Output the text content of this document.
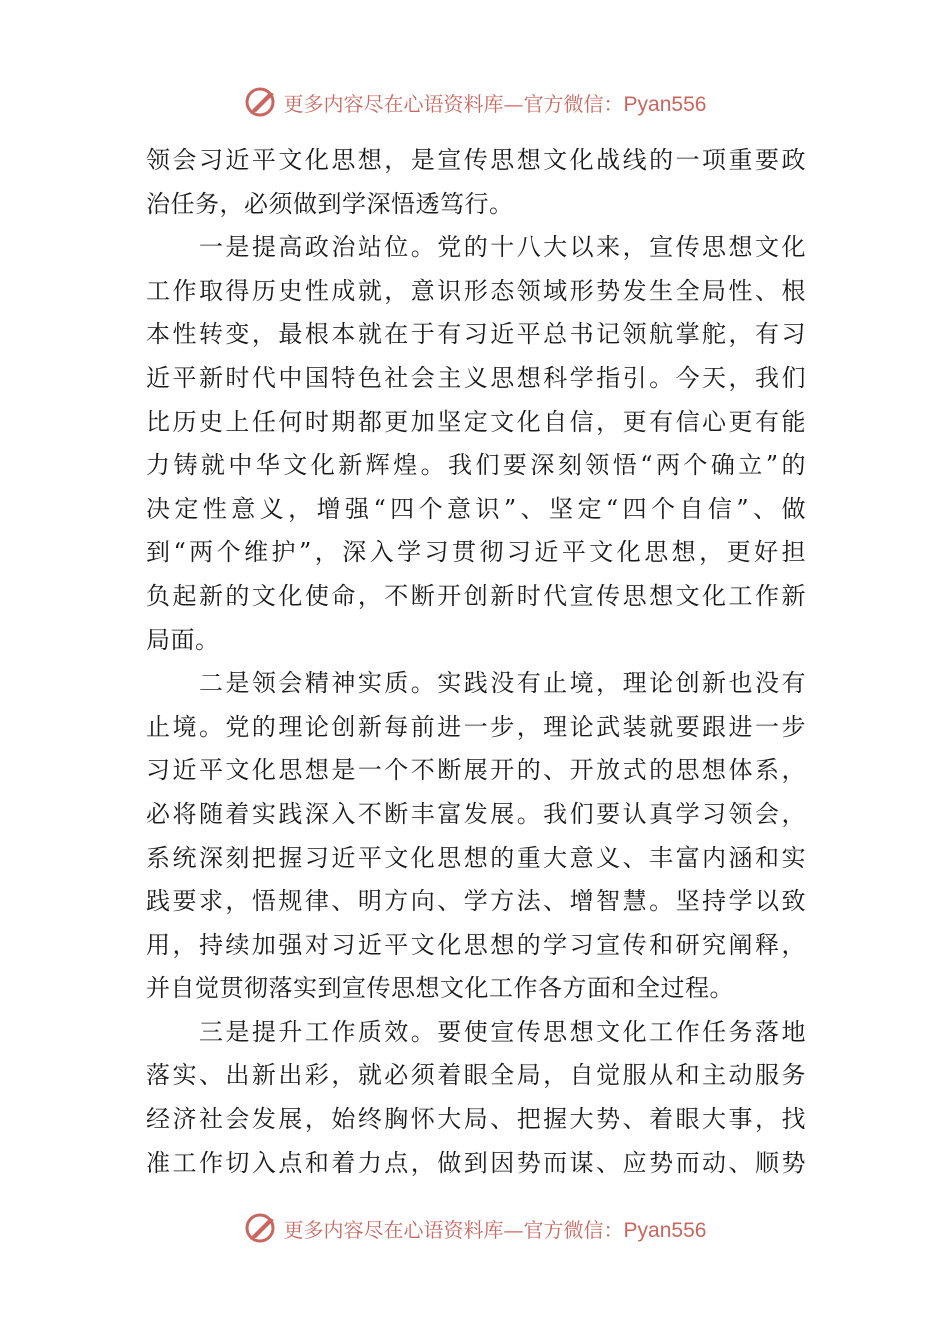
更多内容尽在心语资料库—官方微信：Pyan556
领会习近平文化思想，是宣传思想文化战线的一项重要政
治任务，必须做到学深悟透笃行。
　　一是提高政治站位。党的十八大以来，宣传思想文化
工作取得历史性成就，意识形态领域形势发生全局性、根
本性转变，最根本就在于有习近平总书记领航掌舵，有习
近平新时代中国特色社会主义思想科学指引。今天，我们
比历史上任何时期都更加坚定文化自信，更有信心更有能
力铸就中华文化新辉煌。我们要深刻领悟“两个确立”的
决定性意义，增强“四个意识”、坚定“四个自信”、做
到“两个维护”，深入学习贯彻习近平文化思想，更好担
负起新的文化使命，不断开创新时代宣传思想文化工作新
局面。
　　二是领会精神实质。实践没有止境，理论创新也没有
止境。党的理论创新每前进一步，理论武装就要跟进一步
习近平文化思想是一个不断展开的、开放式的思想体系，
必将随着实践深入不断丰富发展。我们要认真学习领会，
系统深刻把握习近平文化思想的重大意义、丰富内涵和实
践要求，悟规律、明方向、学方法、增智慧。坚持学以致
用，持续加强对习近平文化思想的学习宣传和研究阐释，
并自觉贯彻落实到宣传思想文化工作各方面和全过程。
　　三是提升工作质效。要使宣传思想文化工作任务落地
落实、出新出彩，就必须着眼全局，自觉服从和主动服务
经济社会发展，始终胸怀大局、把握大势、着眼大事，找
准工作切入点和着力点，做到因势而谋、应势而动、顺势
更多内容尽在心语资料库—官方微信：Pyan556
